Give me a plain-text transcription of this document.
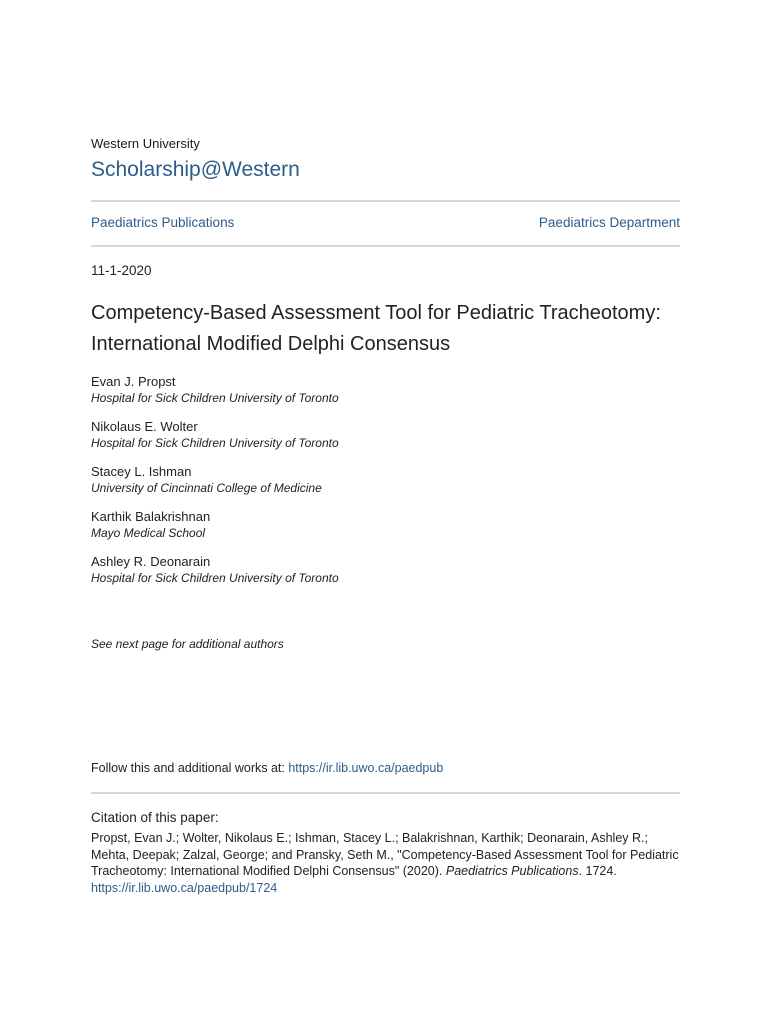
Western University
Scholarship@Western
Paediatrics Publications	Paediatrics Department
11-1-2020
Competency-Based Assessment Tool for Pediatric Tracheotomy: International Modified Delphi Consensus
Evan J. Propst
Hospital for Sick Children University of Toronto
Nikolaus E. Wolter
Hospital for Sick Children University of Toronto
Stacey L. Ishman
University of Cincinnati College of Medicine
Karthik Balakrishnan
Mayo Medical School
Ashley R. Deonarain
Hospital for Sick Children University of Toronto
See next page for additional authors
Follow this and additional works at: https://ir.lib.uwo.ca/paedpub
Citation of this paper:
Propst, Evan J.; Wolter, Nikolaus E.; Ishman, Stacey L.; Balakrishnan, Karthik; Deonarain, Ashley R.; Mehta, Deepak; Zalzal, George; and Pransky, Seth M., "Competency-Based Assessment Tool for Pediatric Tracheotomy: International Modified Delphi Consensus" (2020). Paediatrics Publications. 1724.
https://ir.lib.uwo.ca/paedpub/1724
